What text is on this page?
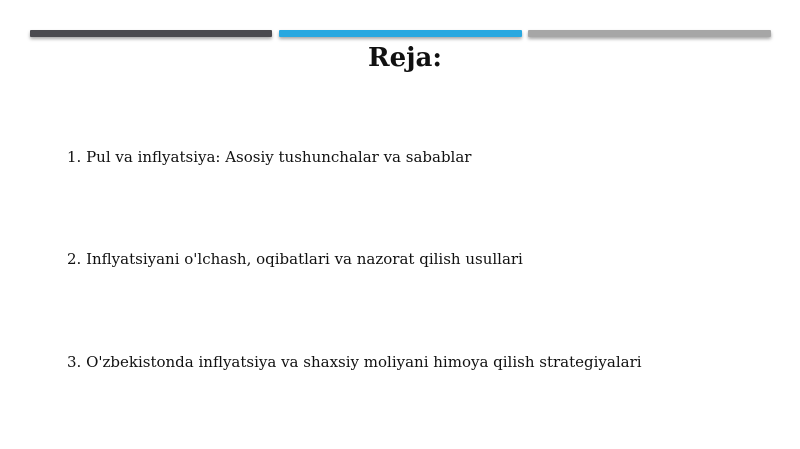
Reja:
1. Pul va inflyatsiya: Asosiy tushunchalar va sabablar
2. Inflyatsiyani o'lchash, oqibatlari va nazorat qilish usullari
3. O'zbekistonda inflyatsiya va shaxsiy moliyani himoya qilish strategiyalari
